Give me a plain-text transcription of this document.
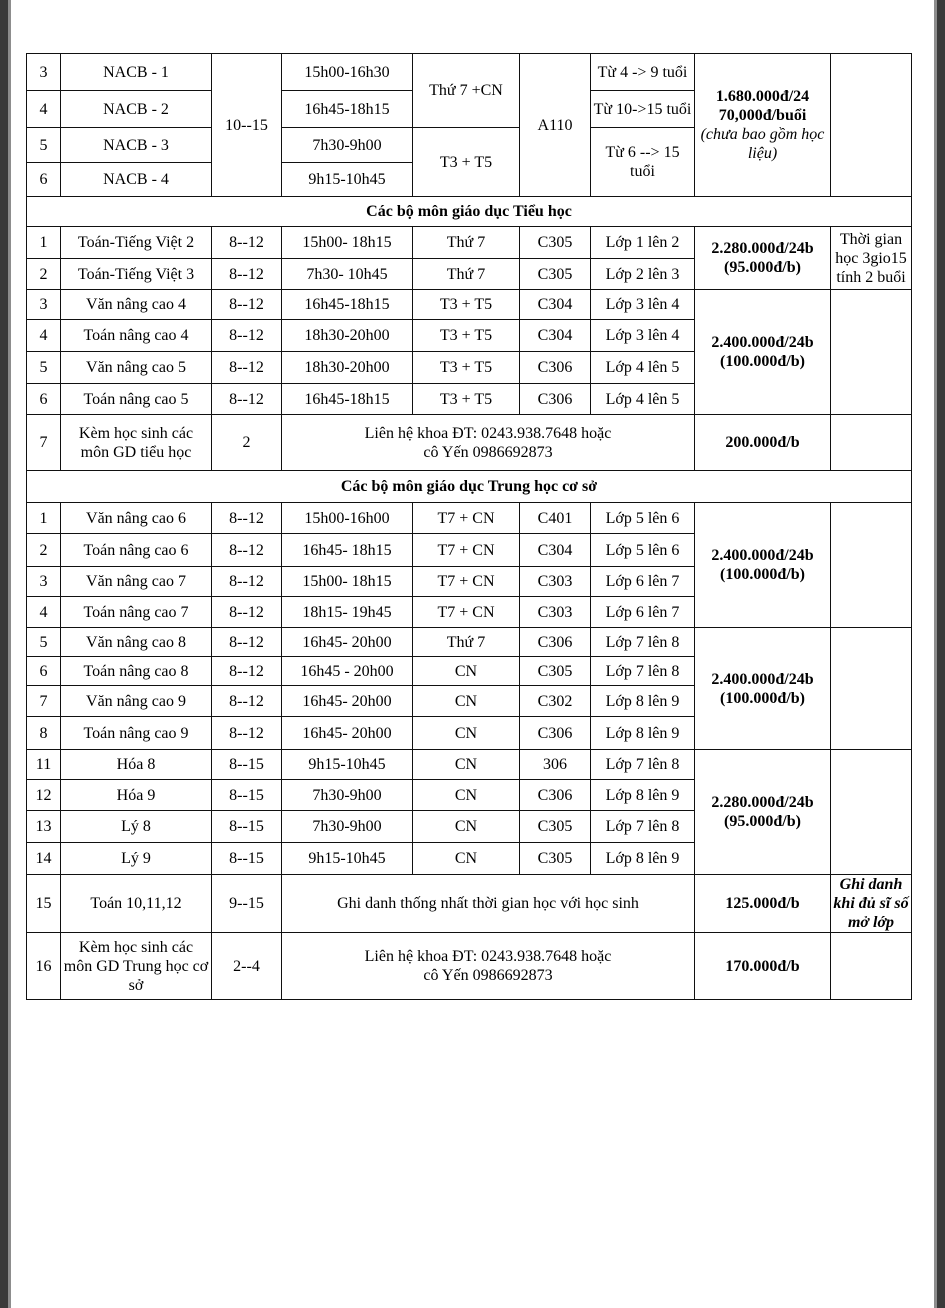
3	NACB - 1	10--15	15h00-16h30	Thứ 7 +CN	A110	Từ 4 -> 9 tuổi	1.680.000đ/24
70,000đ/buổi
(chưa bao gồm học liệu)	

4	NACB - 2		16h45-18h15			Từ 10->15 tuổi		
5	NACB - 3		7h30-9h00	T3 + T5		Từ 6 --> 15 tuổi		
6	NACB - 4		9h15-10h45					
Các bộ môn giáo dục Tiểu học								
1	Toán-Tiếng Việt 2	8--12	15h00- 18h15	Thứ 7	C305	Lớp 1 lên 2	2.280.000đ/24b
(95.000đ/b)	Thời gian học 3gio15 tính 2 buổi
2	Toán-Tiếng Việt 3	8--12	7h30- 10h45	Thứ 7	C305	Lớp 2 lên 3		
3	Văn nâng cao 4	8--12	16h45-18h15	T3 + T5	C304	Lớp 3 lên 4	2.400.000đ/24b
(100.000đ/b)	

4	Toán nâng cao 4	8--12	18h30-20h00	T3 + T5	C304	Lớp 3 lên 4		
5	Văn nâng cao 5	8--12	18h30-20h00	T3 + T5	C306	Lớp 4 lên 5		
6	Toán nâng cao 5	8--12	16h45-18h15	T3 + T5	C306	Lớp 4 lên 5		
7	Kèm học sinh các môn GD tiểu học	2	Liên hệ khoa ĐT: 0243.938.7648 hoặc
cô Yến 0986692873				200.000đ/b	
Các bộ môn giáo dục Trung học cơ sở								
1	Văn nâng cao 6	8--12	15h00-16h00	T7 + CN	C401	Lớp 5 lên 6	2.400.000đ/24b
(100.000đ/b)	

2	Toán nâng cao 6	8--12	16h45- 18h15	T7 + CN	C304	Lớp 5 lên 6		
3	Văn nâng cao 7	8--12	15h00- 18h15	T7 + CN	C303	Lớp 6 lên 7		
4	Toán nâng cao 7	8--12	18h15- 19h45	T7 + CN	C303	Lớp 6 lên 7		
5	Văn nâng cao 8	8--12	16h45- 20h00	Thứ 7	C306	Lớp 7 lên 8	2.400.000đ/24b
(100.000đ/b)	

6	Toán nâng cao 8	8--12	16h45 - 20h00	CN	C305	Lớp 7 lên 8		
7	Văn nâng cao 9	8--12	16h45- 20h00	CN	C302	Lớp 8 lên 9		
8	Toán nâng cao 9	8--12	16h45- 20h00	CN	C306	Lớp 8 lên 9		
11	Hóa 8	8--15	9h15-10h45	CN	306	Lớp 7 lên 8	2.280.000đ/24b
(95.000đ/b)	

12	Hóa 9	8--15	7h30-9h00	CN	C306	Lớp 8 lên 9		
13	Lý 8	8--15	7h30-9h00	CN	C305	Lớp 7 lên 8		
14	Lý 9	8--15	9h15-10h45	CN	C305	Lớp 8 lên 9		
15	Toán 10,11,12	9--15	Ghi danh thống nhất thời gian học với học sinh				125.000đ/b	Ghi danh khi đủ sĩ số mở lớp
16	Kèm học sinh các môn GD Trung học cơ sở	2--4	Liên hệ khoa ĐT: 0243.938.7648 hoặc
cô Yến 0986692873				170.000đ/b	
